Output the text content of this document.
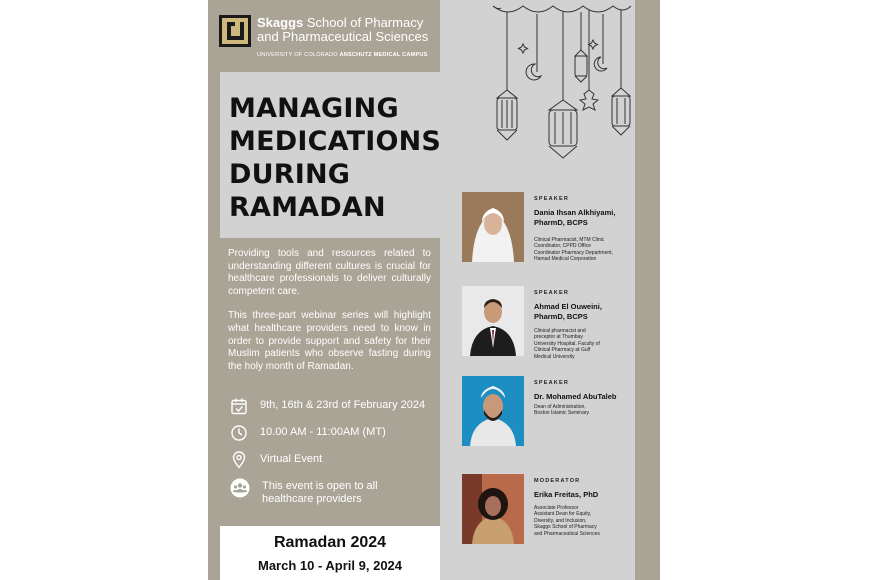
Skaggs School of Pharmacy
and Pharmaceutical Sciences
UNIVERSITY OF COLORADO ANSCHUTZ MEDICAL CAMPUS
MANAGING
MEDICATIONS
DURING
RAMADAN

Providing tools and resources related to understanding different cultures is crucial for healthcare professionals to deliver culturally competent care.

This three-part webinar series will highlight what healthcare providers need to know in order to provide support and safety for their Muslim patients who observe fasting during the holy month of Ramadan.

9th, 16th & 23rd of February 2024
10.00 AM - 11:00AM (MT)
Virtual Event
This event is open to all
healthcare providers
Ramadan 2024
March 10 - April 9, 2024
SPEAKER
Dania Ihsan Alkhiyami,
PharmD, BCPS
Clinical Pharmacist, MTM Clinic
Coordinator, CPPD Office
Coordinator Pharmacy Department,
Hamad Medical Corporation
SPEAKER
Ahmad El Ouweini,
PharmD, BCPS
Clinical pharmacist and
preceptor at Thumbay
University Hospital. Faculty of
Clinical Pharmacy at Gulf
Medical University
SPEAKER
Dr. Mohamed AbuTaleb
Dean of Administration,
Boston Islamic Seminary
MODERATOR
Erika Freitas, PhD
Associate Professor
Assistant Dean for Equity,
Diversity, and Inclusion,
Skaggs School of Pharmacy
and Pharmaceutical Sciences
